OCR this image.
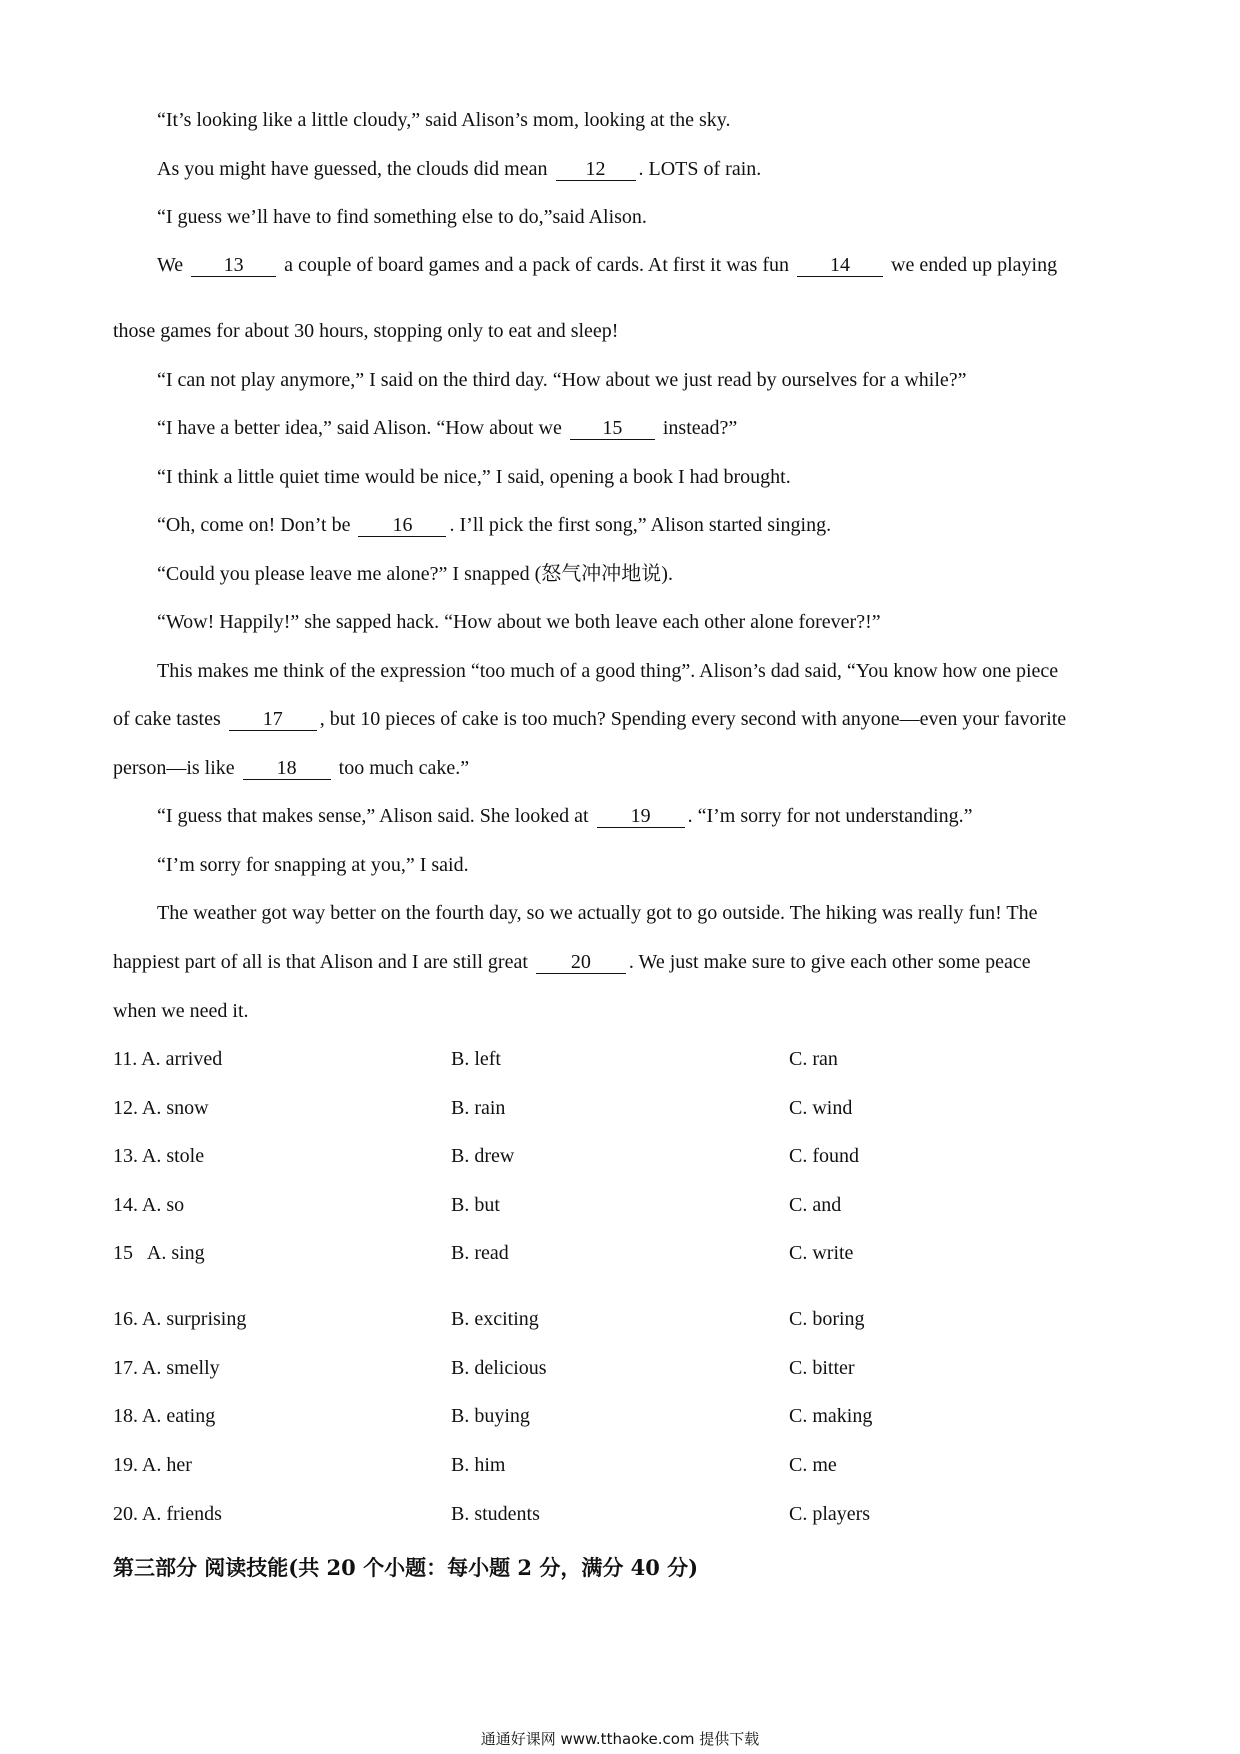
“It’s looking like a little cloudy,” said Alison’s mom, looking at the sky.
As you might have guessed, the clouds did mean 12 . LOTS of rain.
“I guess we’ll have to find something else to do,”said Alison.
We 13 a couple of board games and a pack of cards. At first it was fun 14 we ended up playing
those games for about 30 hours, stopping only to eat and sleep!
“I can not play anymore,” I said on the third day. “How about we just read by ourselves for a while?”
“I have a better idea,” said Alison. “How about we 15 instead?”
“I think a little quiet time would be nice,” I said, opening a book I had brought.
“Oh, come on! Don’t be 16 . I’ll pick the first song,” Alison started singing.
“Could you please leave me alone?” I snapped (怒气冲冲地说).
“Wow! Happily!” she sapped hack. “How about we both leave each other alone forever?!”
This makes me think of the expression “too much of a good thing”. Alison’s dad said, “You know how one piece
of cake tastes 17 , but 10 pieces of cake is too much? Spending every second with anyone—even your favorite
person—is like 18 too much cake.”
“I guess that makes sense,” Alison said. She looked at 19 . “I’m sorry for not understanding.”
“I’m sorry for snapping at you,” I said.
The weather got way better on the fourth day, so we actually got to go outside. The hiking was really fun! The
happiest part of all is that Alison and I are still great 20 . We just make sure to give each other some peace
when we need it.
11. A. arrived	B. left	C. ran
12. A. snow	B. rain	C. wind
13. A. stole	B. drew	C. found
14. A. so	B. but	C. and
15   A. sing	B. read	C. write
16. A. surprising	B. exciting	C. boring
17. A. smelly	B. delicious	C. bitter
18. A. eating	B. buying	C. making
19. A. her	B. him	C. me
20. A. friends	B. students	C. players
第三部分 阅读技能(共 20 个小题：每小题 2 分，满分 40 分)
通通好课网 www.tthaoke.com 提供下载
